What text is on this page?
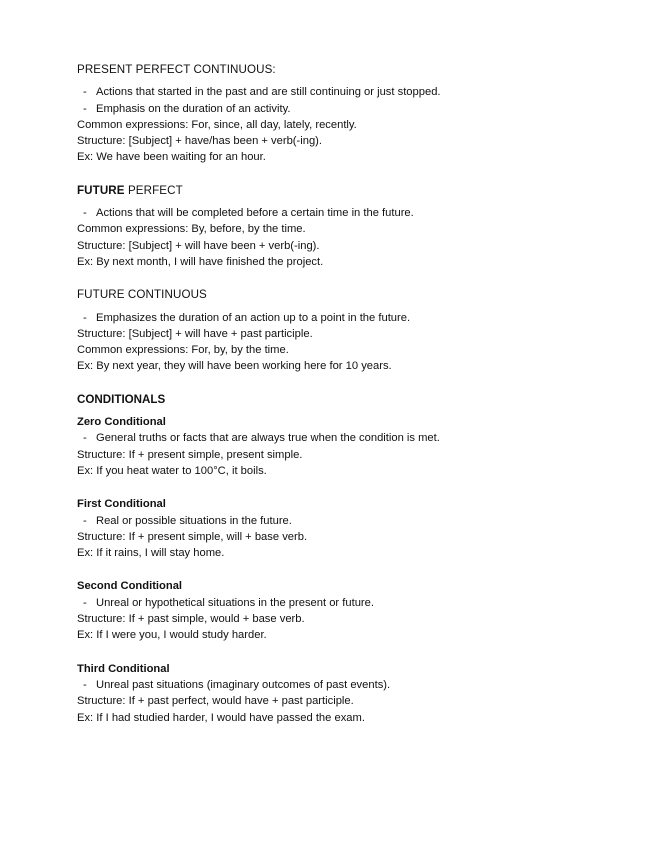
PRESENT PERFECT CONTINUOUS:
- Actions that started in the past and are still continuing or just stopped.
- Emphasis on the duration of an activity.
Common expressions: For, since, all day, lately, recently.
Structure: [Subject] + have/has been + verb(-ing).
Ex: We have been waiting for an hour.
FUTURE PERFECT
- Actions that will be completed before a certain time in the future.
Common expressions: By, before, by the time.
Structure: [Subject] + will have been + verb(-ing).
Ex: By next month, I will have finished the project.
FUTURE CONTINUOUS
- Emphasizes the duration of an action up to a point in the future.
Structure: [Subject] + will have + past participle.
Common expressions: For, by, by the time.
Ex: By next year, they will have been working here for 10 years.
CONDITIONALS
Zero Conditional
- General truths or facts that are always true when the condition is met.
Structure: If + present simple, present simple.
Ex: If you heat water to 100°C, it boils.
First Conditional
- Real or possible situations in the future.
Structure: If + present simple, will + base verb.
Ex: If it rains, I will stay home.
Second Conditional
- Unreal or hypothetical situations in the present or future.
Structure: If + past simple, would + base verb.
Ex: If I were you, I would study harder.
Third Conditional
- Unreal past situations (imaginary outcomes of past events).
Structure: If + past perfect, would have + past participle.
Ex: If I had studied harder, I would have passed the exam.
